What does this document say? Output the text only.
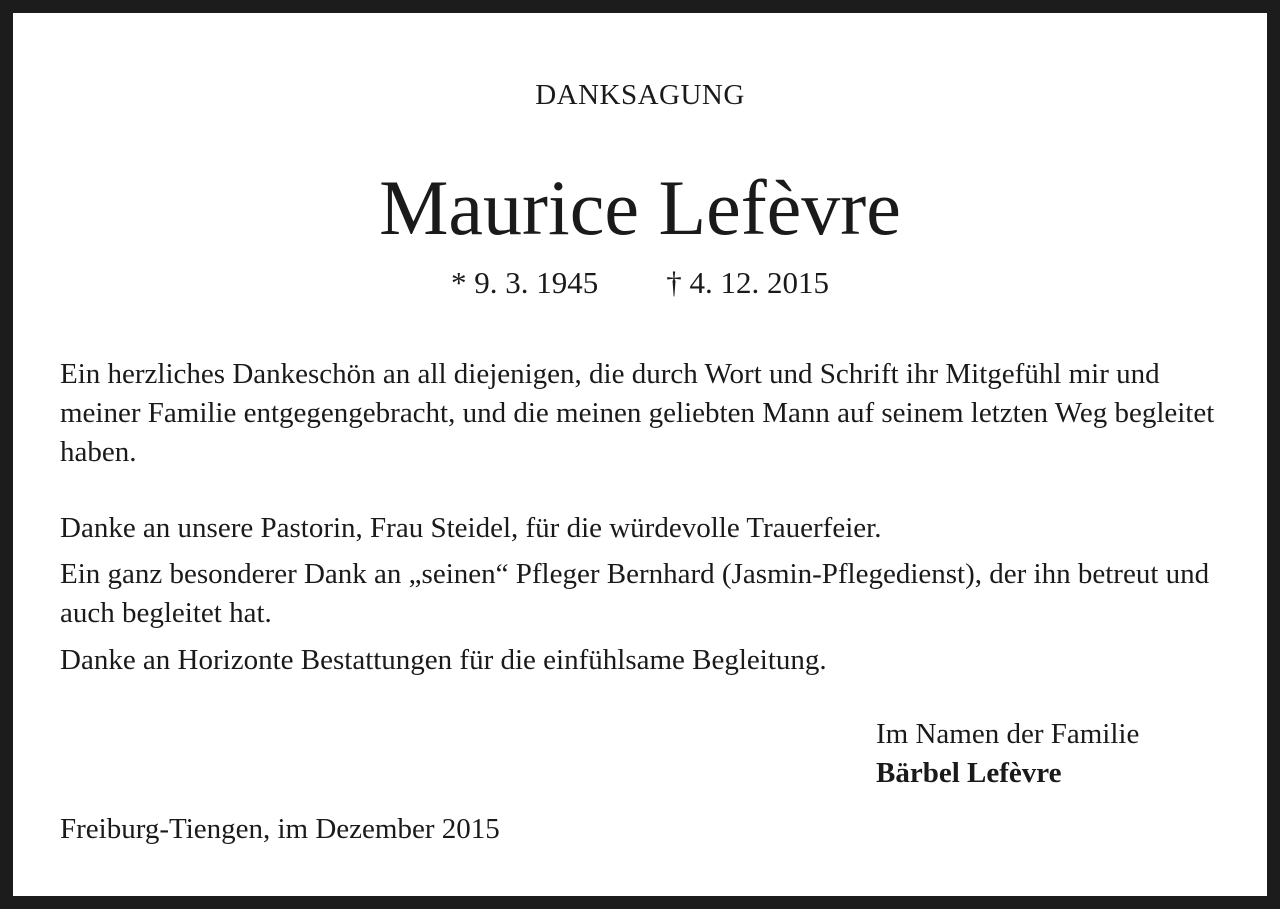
DANKSAGUNG
Maurice Lefèvre
* 9. 3. 1945 † 4. 12. 2015

Ein herzliches Dankeschön an all diejenigen, die durch Wort und Schrift ihr Mitgefühl mir und meiner Familie entgegengebracht, und die meinen geliebten Mann auf seinem letzten Weg begleitet haben.

Danke an unsere Pastorin, Frau Steidel, für die würdevolle Trauerfeier.

Ein ganz besonderer Dank an „seinen“ Pfleger Bernhard (Jasmin-Pflegedienst), der ihn betreut und auch begleitet hat.

Danke an Horizonte Bestattungen für die einfühlsame Begleitung.

Im Namen der Familie
Bärbel Lefèvre
Freiburg-Tiengen, im Dezember 2015
